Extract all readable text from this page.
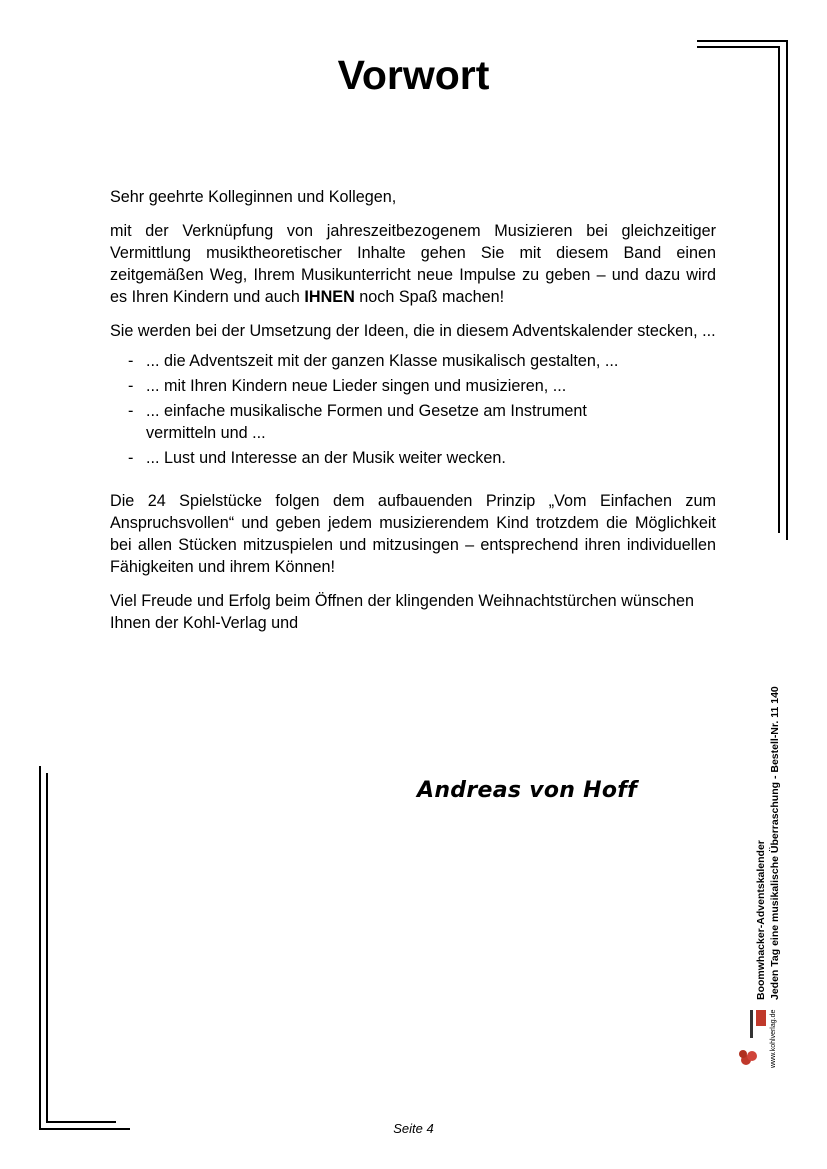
Vorwort

Sehr geehrte Kolleginnen und Kollegen,

mit der Verknüpfung von jahreszeitbezogenem Musizieren bei gleichzeitiger Vermittlung musiktheoretischer Inhalte gehen Sie mit diesem Band einen zeitgemäßen Weg, Ihrem Musikunterricht neue Impulse zu geben – und dazu wird es Ihren Kindern und auch IHNEN noch Spaß machen!

Sie werden bei der Umsetzung der Ideen, die in diesem Adventskalender stecken, ...

- ... die Adventszeit mit der ganzen Klasse musikalisch gestalten, ...
- ... mit Ihren Kindern neue Lieder singen und musizieren, ...
- ... einfache musikalische Formen und Gesetze am Instrument vermitteln und ...
- ... Lust und Interesse an der Musik weiter wecken.

Die 24 Spielstücke folgen dem aufbauenden Prinzip „Vom Einfachen zum Anspruchsvollen“ und geben jedem musizierendem Kind trotzdem die Möglichkeit bei allen Stücken mitzuspielen und mitzusingen – entsprechend ihren individuellen Fähigkeiten und ihrem Können!

Viel Freude und Erfolg beim Öffnen der klingenden Weihnachtstürchen wünschen Ihnen der Kohl-Verlag und

Andreas von Hoff
Boomwhacker-Adventskalender Jeden Tag eine musikalische Überraschung - Bestell-Nr. 11 140
www.kohlverlag.de
Seite 4
